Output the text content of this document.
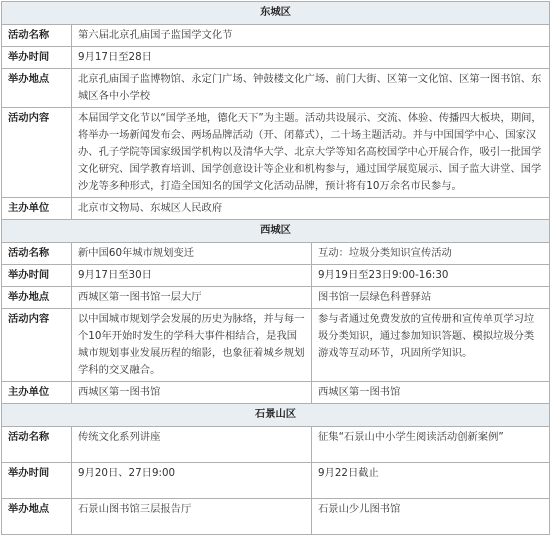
东城区		
活动名称	第六届北京孔庙国子监国学文化节	
举办时间	9月17日至28日	
举办地点	北京孔庙国子监博物馆、永定门广场、钟鼓楼文化广场、前门大街、区第一文化馆、区第一图书馆、东城区各中小学校	
活动内容	本届国学文化节以“国学圣地，德化天下”为主题。活动共设展示、交流、体验、传播四大板块，期间，将举办一场新闻发布会、两场品牌活动（开、闭幕式），二十场主题活动。并与中国国学中心、国家汉办、孔子学院等国家级国学机构以及清华大学、北京大学等知名高校国学中心开展合作，吸引一批国学文化研究、国学教育培训、国学创意设计等企业和机构参与，通过国学展览展示、国子监大讲堂、国学沙龙等多种形式，打造全国知名的国学文化活动品牌，预计将有10万余名市民参与。	
主办单位	北京市文物局、东城区人民政府	
西城区		
活动名称	新中国60年城市规划变迁	互动：垃圾分类知识宣传活动
举办时间	9月17日至30日	9月19日至23日9:00-16:30
举办地点	西城区第一图书馆一层大厅	图书馆一层绿色科普驿站
活动内容	以中国城市规划学会发展的历史为脉络，并与每一个10年开始时发生的学科大事件相结合，是我国城市规划事业发展历程的缩影，也象征着城乡规划学科的交叉融合。	参与者通过免费发放的宣传册和宣传单页学习垃圾分类知识，通过参加知识答题、模拟垃圾分类游戏等互动环节，巩固所学知识。
主办单位	西城区第一图书馆	西城区第一图书馆
石景山区		
活动名称	传统文化系列讲座	征集“石景山中小学生阅读活动创新案例”
举办时间	9月20日、27日9:00	9月22日截止
举办地点	石景山图书馆三层报告厅	石景山少儿图书馆
